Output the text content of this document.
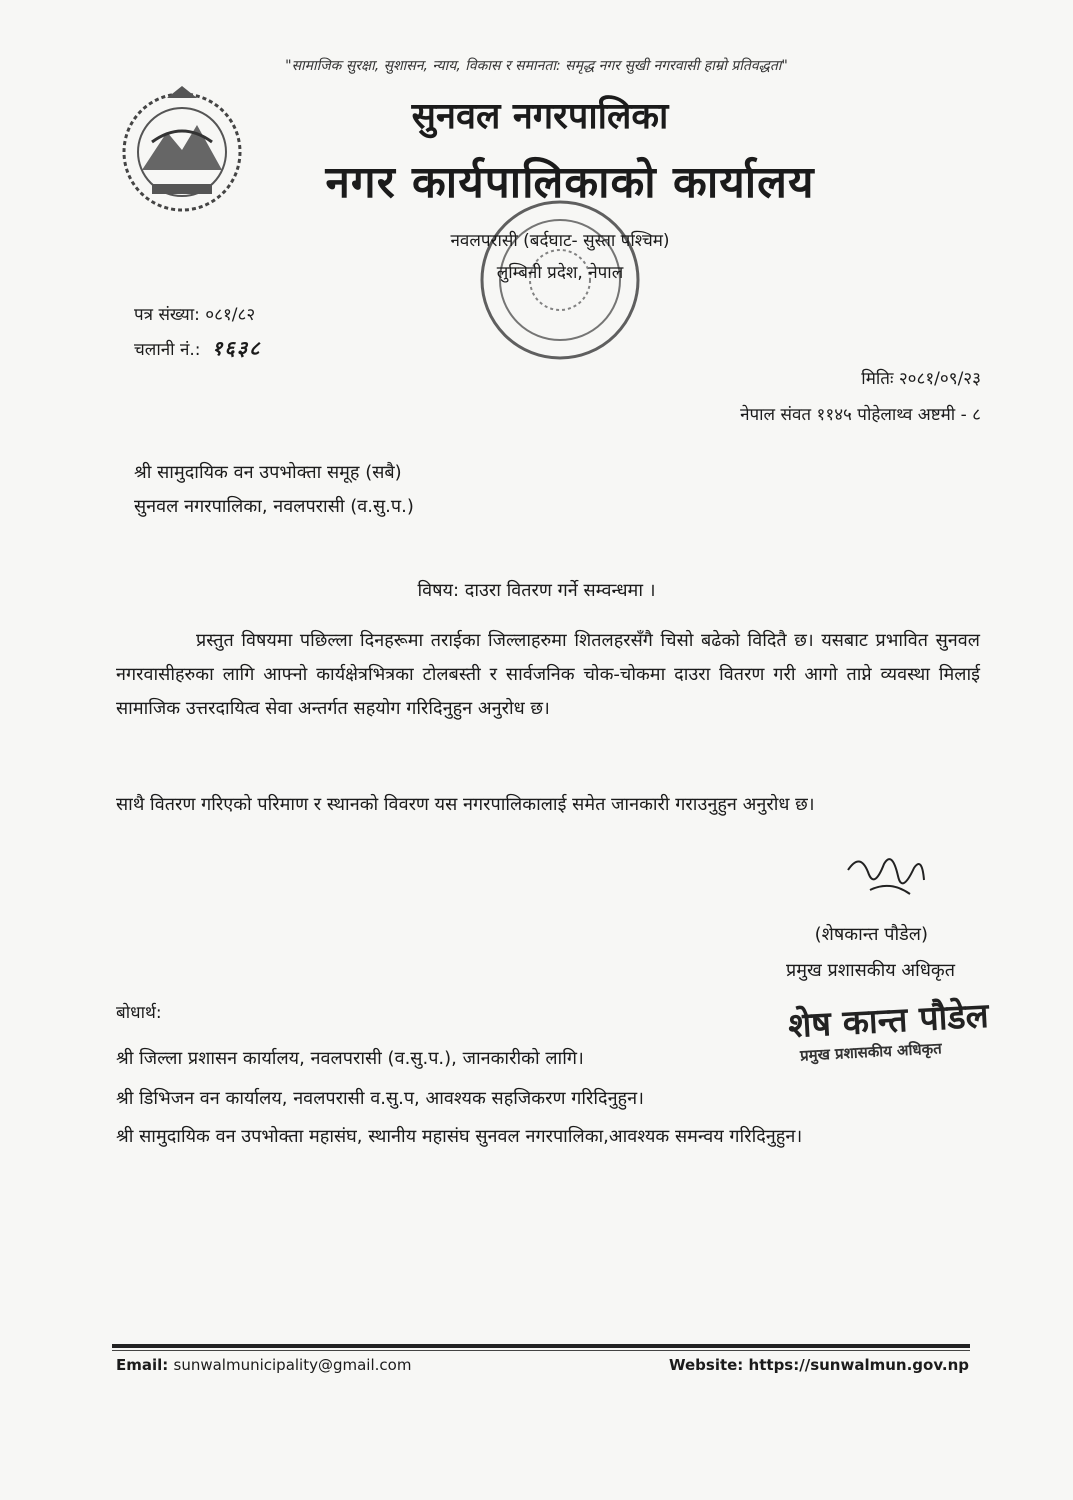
"सामाजिक सुरक्षा, सुशासन, न्याय, विकास र समानता: समृद्ध नगर सुखी नगरवासी हाम्रो प्रतिवद्धता"
सुनवल नगरपालिका
नगर कार्यपालिकाको कार्यालय
नवलपरासी (बर्दघाट- सुस्ता पश्चिम)
लुम्बिनी प्रदेश, नेपाल
पत्र संख्या: ०८१/८२
चलानी नं.: १६३८
मितिः २०८१/०९/२३
नेपाल संवत ११४५ पोहेलाथ्व अष्टमी - ८
श्री सामुदायिक वन उपभोक्ता समूह (सबै)
सुनवल नगरपालिका, नवलपरासी (व.सु.प.)
विषय: दाउरा वितरण गर्ने सम्वन्धमा ।
प्रस्तुत विषयमा पछिल्ला दिनहरूमा तराईका जिल्लाहरुमा शितलहरसँगै चिसो बढेको विदितै छ। यसबाट प्रभावित सुनवल नगरवासीहरुका लागि आफ्नो कार्यक्षेत्रभित्रका टोलबस्ती र सार्वजनिक चोक-चोकमा दाउरा वितरण गरी आगो ताप्ने व्यवस्था मिलाई सामाजिक उत्तरदायित्व सेवा अन्तर्गत सहयोग गरिदिनुहुन अनुरोध छ।
साथै वितरण गरिएको परिमाण र स्थानको विवरण यस नगरपालिकालाई समेत जानकारी गराउनुहुन अनुरोध छ।
(शेषकान्त पौडेल)
प्रमुख प्रशासकीय अधिकृत
शेष कान्त पौडेल
प्रमुख प्रशासकीय अधिकृत
बोधार्थ:
श्री जिल्ला प्रशासन कार्यालय, नवलपरासी (व.सु.प.), जानकारीको लागि।
श्री डिभिजन वन कार्यालय, नवलपरासी व.सु.प, आवश्यक सहजिकरण गरिदिनुहुन।
श्री सामुदायिक वन उपभोक्ता महासंघ, स्थानीय महासंघ सुनवल नगरपालिका,आवश्यक समन्वय गरिदिनुहुन।
Email: sunwalmunicipality@gmail.com	Website: https://sunwalmun.gov.np
